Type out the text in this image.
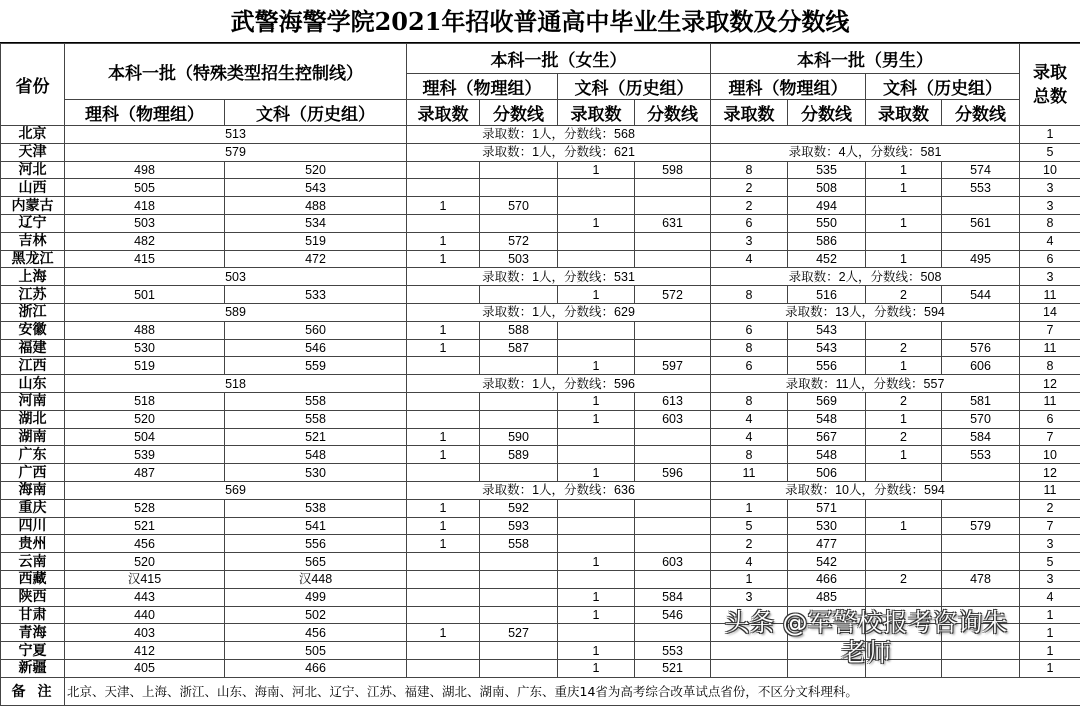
武警海警学院2021年招收普通高中毕业生录取数及分数线
省份	本科一批（特殊类型招生控制线）		本科一批（女生）				本科一批（男生）				录取总数
			理科（物理组）		文科（历史组）		理科（物理组）		文科（历史组）		
	理科（物理组）	文科（历史组）	录取数	分数线	录取数	分数线	录取数	分数线	录取数	分数线	
北京	513		录取数：1人，分数线：568								1
天津	579		录取数：1人，分数线：621				录取数：4人，分数线：581				5
河北	498	520			1	598	8	535	1	574	10
山西	505	543					2	508	1	553	3
内蒙古	418	488	1	570			2	494			3
辽宁	503	534			1	631	6	550	1	561	8
吉林	482	519	1	572			3	586			4
黑龙江	415	472	1	503			4	452	1	495	6
上海	503		录取数：1人，分数线：531				录取数：2人，分数线：508				3
江苏	501	533			1	572	8	516	2	544	11
浙江	589		录取数：1人，分数线：629				录取数：13人，分数线：594				14
安徽	488	560	1	588			6	543			7
福建	530	546	1	587			8	543	2	576	11
江西	519	559			1	597	6	556	1	606	8
山东	518		录取数：1人，分数线：596				录取数：11人，分数线：557				12
河南	518	558			1	613	8	569	2	581	11
湖北	520	558			1	603	4	548	1	570	6
湖南	504	521	1	590			4	567	2	584	7
广东	539	548	1	589			8	548	1	553	10
广西	487	530			1	596	11	506			12
海南	569		录取数：1人，分数线：636				录取数：10人，分数线：594				11
重庆	528	538	1	592			1	571			2
四川	521	541	1	593			5	530	1	579	7
贵州	456	556	1	558			2	477			3
云南	520	565			1	603	4	542			5
西藏	汉415	汉448					1	466	2	478	3
陕西	443	499			1	584	3	485			4
甘肃	440	502			1	546					1
青海	403	456	1	527							1
宁夏	412	505			1	553					1
新疆	405	466			1	521					1
备注	北京、天津、上海、浙江、山东、海南、河北、辽宁、江苏、福建、湖北、湖南、广东、重庆14省为高考综合改革试点省份，不区分文科理科。										
头条 @军警校报考咨询朱老师
